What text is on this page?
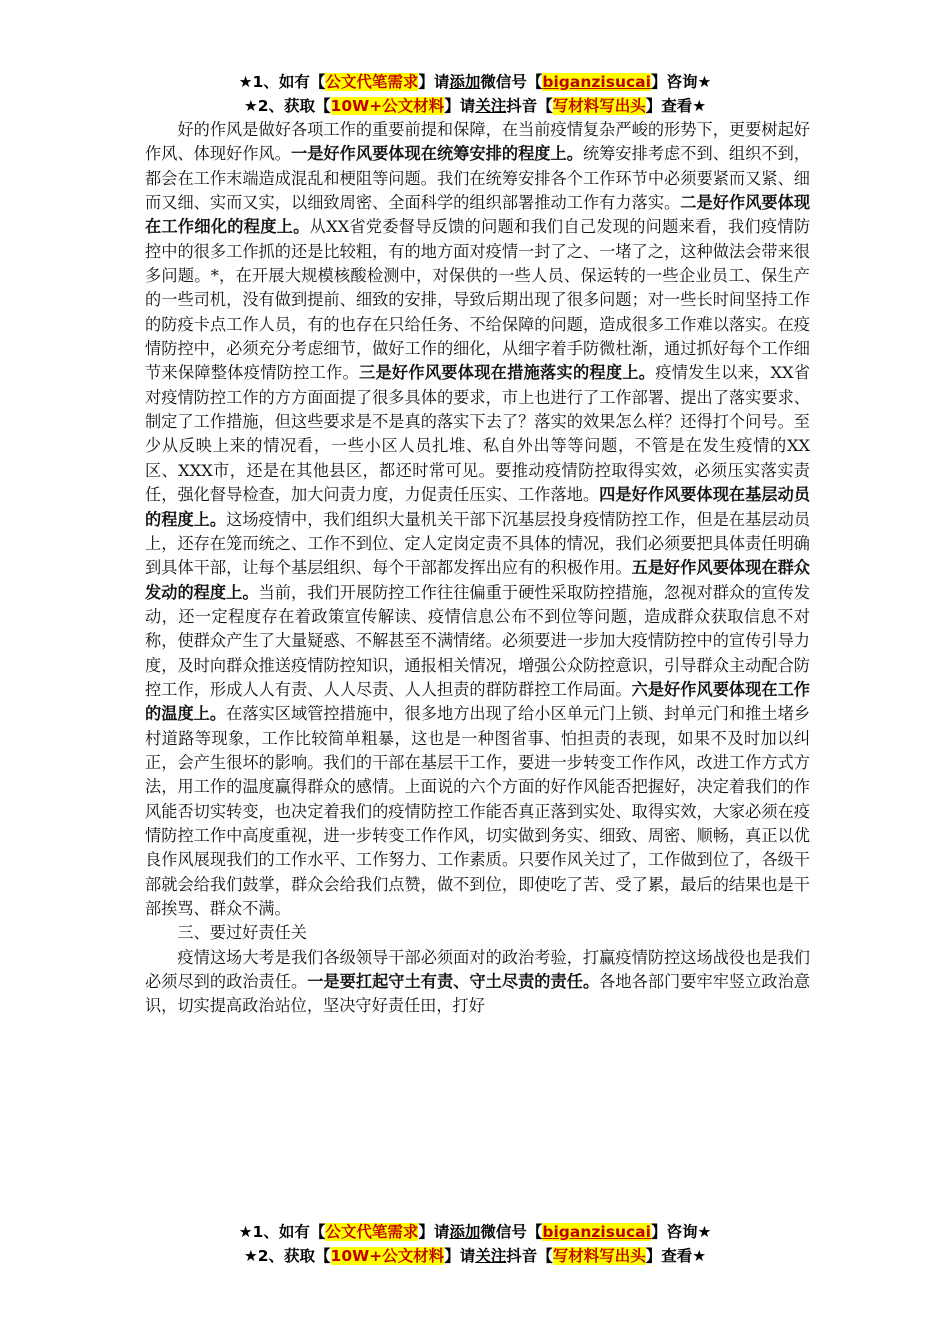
★1、如有【公文代笔需求】请添加微信号【biganzisucai】咨询★
★2、获取【10W+公文材料】请关注抖音【写材料写出头】查看★

好的作风是做好各项工作的重要前提和保障，在当前疫情复杂严峻的形势下，更要树起好作风、体现好作风。一是好作风要体现在统筹安排的程度上。统筹安排考虑不到、组织不到，都会在工作末端造成混乱和梗阻等问题。我们在统筹安排各个工作环节中必须要紧而又紧、细而又细、实而又实，以细致周密、全面科学的组织部署推动工作有力落实。二是好作风要体现在工作细化的程度上。从XX省党委督导反馈的问题和我们自己发现的问题来看，我们疫情防控中的很多工作抓的还是比较粗，有的地方面对疫情一封了之、一堵了之，这种做法会带来很多问题。*，在开展大规模核酸检测中，对保供的一些人员、保运转的一些企业员工、保生产的一些司机，没有做到提前、细致的安排，导致后期出现了很多问题；对一些长时间坚持工作的防疫卡点工作人员，有的也存在只给任务、不给保障的问题，造成很多工作难以落实。在疫情防控中，必须充分考虑细节，做好工作的细化，从细字着手防微杜渐，通过抓好每个工作细节来保障整体疫情防控工作。三是好作风要体现在措施落实的程度上。疫情发生以来，XX省对疫情防控工作的方方面面提了很多具体的要求，市上也进行了工作部署、提出了落实要求、制定了工作措施，但这些要求是不是真的落实下去了？落实的效果怎么样？还得打个问号。至少从反映上来的情况看，一些小区人员扎堆、私自外出等等问题，不管是在发生疫情的XX区、XXX市，还是在其他县区，都还时常可见。要推动疫情防控取得实效，必须压实落实责任，强化督导检查，加大问责力度，力促责任压实、工作落地。四是好作风要体现在基层动员的程度上。这场疫情中，我们组织大量机关干部下沉基层投身疫情防控工作，但是在基层动员上，还存在笼而统之、工作不到位、定人定岗定责不具体的情况，我们必须要把具体责任明确到具体干部，让每个基层组织、每个干部都发挥出应有的积极作用。五是好作风要体现在群众发动的程度上。当前，我们开展防控工作往往偏重于硬性采取防控措施，忽视对群众的宣传发动，还一定程度存在着政策宣传解读、疫情信息公布不到位等问题，造成群众获取信息不对称，使群众产生了大量疑惑、不解甚至不满情绪。必须要进一步加大疫情防控中的宣传引导力度，及时向群众推送疫情防控知识，通报相关情况，增强公众防控意识，引导群众主动配合防控工作，形成人人有责、人人尽责、人人担责的群防群控工作局面。六是好作风要体现在工作的温度上。在落实区域管控措施中，很多地方出现了给小区单元门上锁、封单元门和推土堵乡村道路等现象，工作比较简单粗暴，这也是一种图省事、怕担责的表现，如果不及时加以纠正，会产生很坏的影响。我们的干部在基层干工作，要进一步转变工作作风，改进工作方式方法，用工作的温度赢得群众的感情。上面说的六个方面的好作风能否把握好，决定着我们的作风能否切实转变，也决定着我们的疫情防控工作能否真正落到实处、取得实效，大家必须在疫情防控工作中高度重视，进一步转变工作作风，切实做到务实、细致、周密、顺畅，真正以优良作风展现我们的工作水平、工作努力、工作素质。只要作风关过了，工作做到位了，各级干部就会给我们鼓掌，群众会给我们点赞，做不到位，即使吃了苦、受了累，最后的结果也是干部挨骂、群众不满。

三、要过好责任关

疫情这场大考是我们各级领导干部必须面对的政治考验，打赢疫情防控这场战役也是我们必须尽到的政治责任。一是要扛起守土有责、守土尽责的责任。各地各部门要牢牢竖立政治意识，切实提高政治站位，坚决守好责任田，打好

★1、如有【公文代笔需求】请添加微信号【biganzisucai】咨询★
★2、获取【10W+公文材料】请关注抖音【写材料写出头】查看★
